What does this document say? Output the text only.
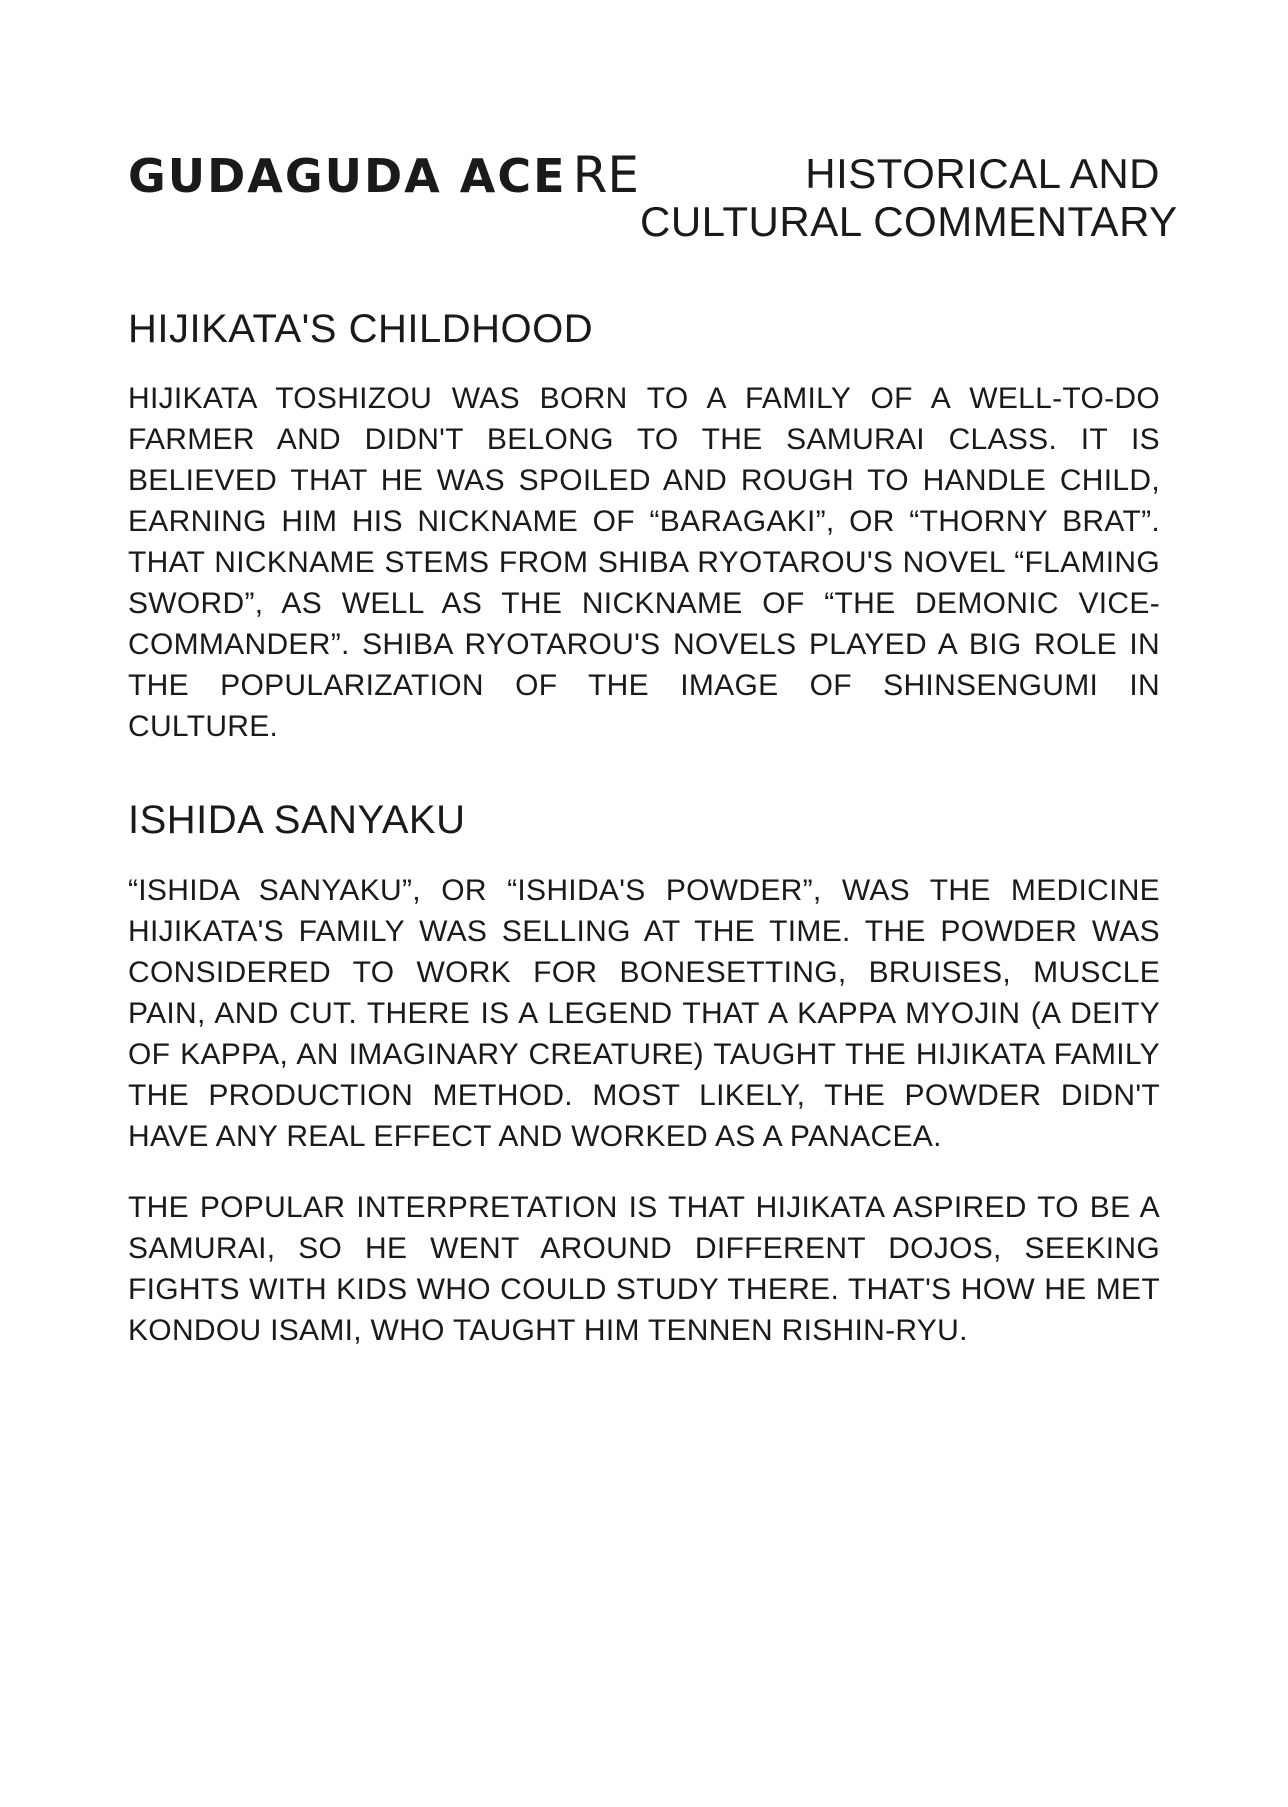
GUDAGUDA ACE RE	HISTORICAL AND
CULTURAL COMMENTARY
HIJIKATA'S CHILDHOOD

HIJIKATA TOSHIZOU WAS BORN TO A FAMILY OF A WELL-TO-DO FARMER AND DIDN'T BELONG TO THE SAMURAI CLASS. IT IS BELIEVED THAT HE WAS SPOILED AND ROUGH TO HANDLE CHILD, EARNING HIM HIS NICKNAME OF “BARAGAKI”, OR “THORNY BRAT”. THAT NICKNAME STEMS FROM SHIBA RYOTAROU'S NOVEL “FLAMING SWORD”, AS WELL AS THE NICKNAME OF “THE DEMONIC VICE-COMMANDER”. SHIBA RYOTAROU'S NOVELS PLAYED A BIG ROLE IN THE POPULARIZATION OF THE IMAGE OF SHINSENGUMI IN CULTURE.

ISHIDA SANYAKU

“ISHIDA SANYAKU”, OR “ISHIDA'S POWDER”, WAS THE MEDICINE HIJIKATA'S FAMILY WAS SELLING AT THE TIME. THE POWDER WAS CONSIDERED TO WORK FOR BONESETTING, BRUISES, MUSCLE PAIN, AND CUT. THERE IS A LEGEND THAT A KAPPA MYOJIN (A DEITY OF KAPPA, AN IMAGINARY CREATURE) TAUGHT THE HIJIKATA FAMILY THE PRODUCTION METHOD. MOST LIKELY, THE POWDER DIDN'T HAVE ANY REAL EFFECT AND WORKED AS A PANACEA.

THE POPULAR INTERPRETATION IS THAT HIJIKATA ASPIRED TO BE A SAMURAI, SO HE WENT AROUND DIFFERENT DOJOS, SEEKING FIGHTS WITH KIDS WHO COULD STUDY THERE. THAT'S HOW HE MET KONDOU ISAMI, WHO TAUGHT HIM TENNEN RISHIN-RYU.
